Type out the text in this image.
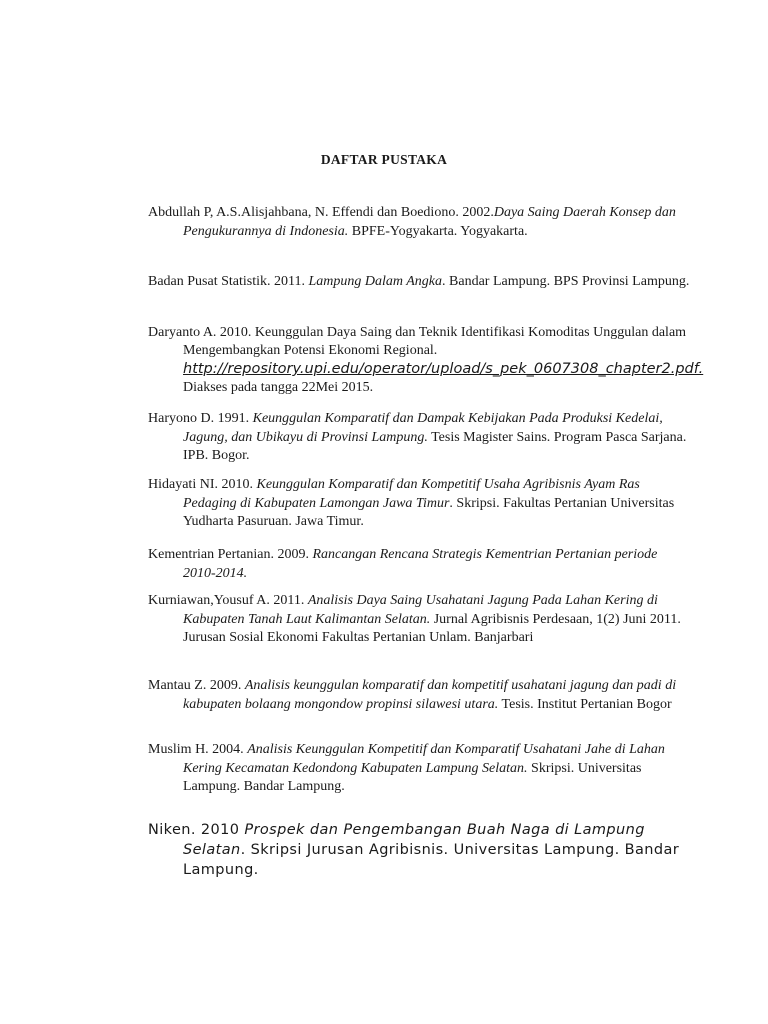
DAFTAR PUSTAKA

Abdullah P, A.S.Alisjahbana, N. Effendi dan Boediono. 2002.Daya Saing Daerah Konsep dan Pengukurannya di Indonesia. BPFE-Yogyakarta. Yogyakarta.

Badan Pusat Statistik. 2011. Lampung Dalam Angka. Bandar Lampung. BPS Provinsi Lampung.

Daryanto A. 2010. Keunggulan Daya Saing dan Teknik Identifikasi Komoditas Unggulan dalam Mengembangkan Potensi Ekonomi Regional. http://repository.upi.edu/operator/upload/s_pek_0607308_chapter2.pdf. Diakses pada tangga 22Mei 2015.

Haryono D. 1991. Keunggulan Komparatif dan Dampak Kebijakan Pada Produksi Kedelai, Jagung, dan Ubikayu di Provinsi Lampung. Tesis Magister Sains. Program Pasca Sarjana. IPB. Bogor.

Hidayati NI. 2010. Keunggulan Komparatif dan Kompetitif Usaha Agribisnis Ayam Ras Pedaging di Kabupaten Lamongan Jawa Timur. Skripsi. Fakultas Pertanian Universitas Yudharta Pasuruan. Jawa Timur.

Kementrian Pertanian. 2009. Rancangan Rencana Strategis Kementrian Pertanian periode 2010-2014.

Kurniawan,Yousuf A. 2011. Analisis Daya Saing Usahatani Jagung Pada Lahan Kering di Kabupaten Tanah Laut Kalimantan Selatan. Jurnal Agribisnis Perdesaan, 1(2) Juni 2011. Jurusan Sosial Ekonomi Fakultas Pertanian Unlam. Banjarbari

Mantau Z. 2009. Analisis keunggulan komparatif dan kompetitif usahatani jagung dan padi di kabupaten bolaang mongondow propinsi silawesi utara. Tesis. Institut Pertanian Bogor

Muslim H. 2004. Analisis Keunggulan Kompetitif dan Komparatif Usahatani Jahe di Lahan Kering Kecamatan Kedondong Kabupaten Lampung Selatan. Skripsi. Universitas Lampung. Bandar Lampung.

Niken. 2010 Prospek dan Pengembangan Buah Naga di Lampung Selatan. Skripsi Jurusan Agribisnis. Universitas Lampung. Bandar Lampung.
